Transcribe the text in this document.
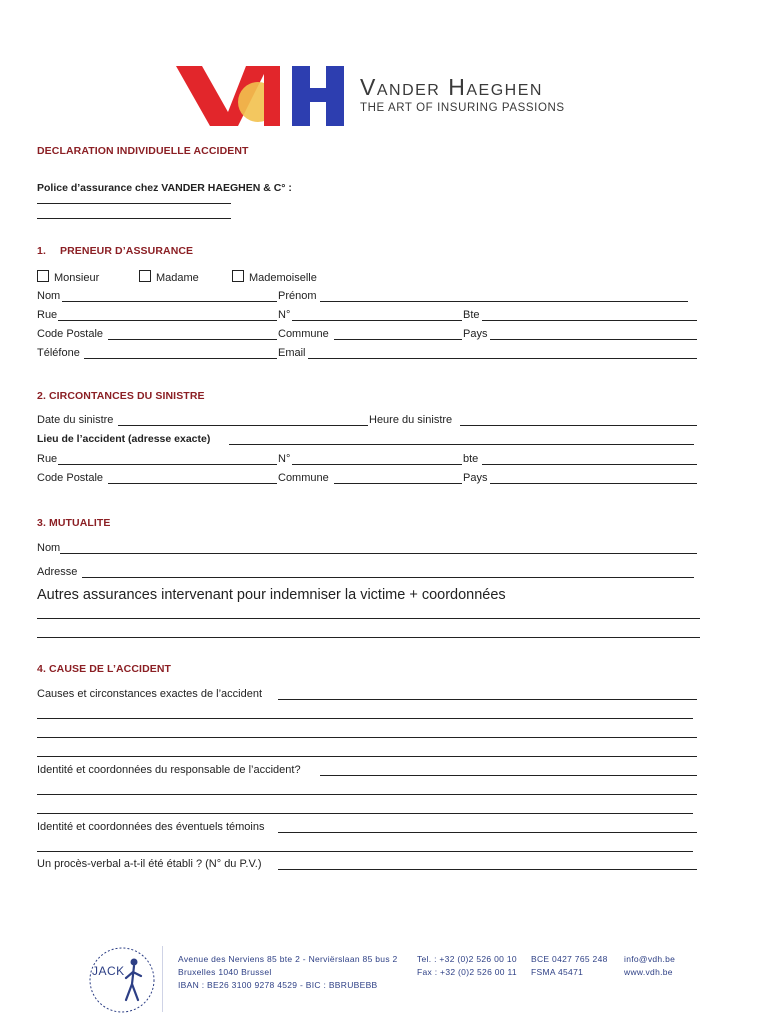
Vander Haeghen
THE ART OF INSURING PASSIONS
DECLARATION INDIVIDUELLE ACCIDENT
Police d’assurance chez VANDER HAEGHEN & C° :
1. PRENEUR D’ASSURANCE
Monsieur	Madame	Mademoiselle
Nom	Prénom
Rue	N°	Bte
Code Postale	Commune	Pays
Téléfone	Email
2. CIRCONTANCES DU SINISTRE
Date du sinistre	Heure du sinistre
Lieu de l’accident (adresse exacte)
Rue	N°	bte
Code Postale	Commune	Pays
3. MUTUALITE
Nom
Adresse
Autres assurances intervenant pour indemniser la victime + coordonnées
4. CAUSE DE L’ACCIDENT
Causes et circonstances exactes de l’accident
Identité et coordonnées du responsable de l’accident?
Identité et coordonnées des éventuels témoins
Un procès-verbal a-t-il été établi ? (N° du P.V.)
JACK
Avenue des Nerviens 85 bte 2 - Nerviërslaan 85 bus 2
Bruxelles 1040 Brussel
IBAN : BE26 3100 9278 4529 - BIC : BBRUBEBB
Tel. : +32 (0)2 526 00 10
Fax : +32 (0)2 526 00 11
BCE 0427 765 248
FSMA 45471
info@vdh.be
www.vdh.be
